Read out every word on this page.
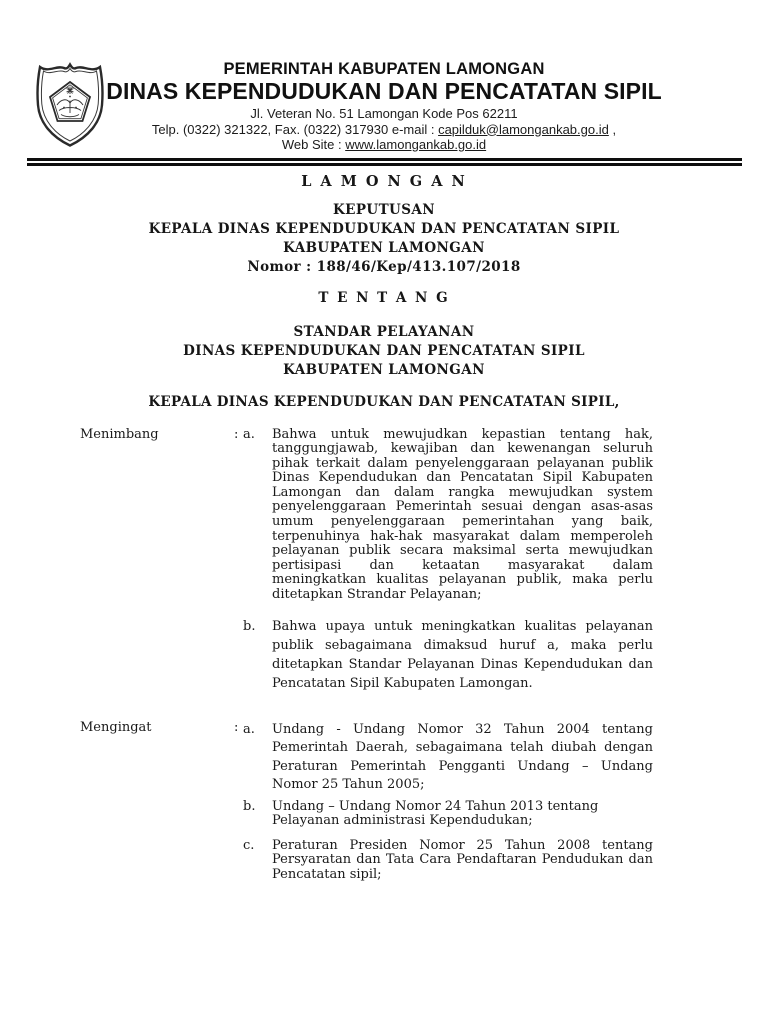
PEMERINTAH KABUPATEN LAMONGAN
DINAS KEPENDUDUKAN DAN PENCATATAN SIPIL
Jl. Veteran No. 51 Lamongan Kode Pos 62211
Telp. (0322) 321322, Fax. (0322) 317930 e-mail : capilduk@lamongankab.go.id ,
Web Site : www.lamongankab.go.id
L A M O N G A N
KEPUTUSAN
KEPALA DINAS KEPENDUDUKAN DAN PENCATATAN SIPIL
KABUPATEN LAMONGAN
Nomor : 188/46/Kep/413.107/2018
T E N T A N G
STANDAR PELAYANAN
DINAS KEPENDUDUKAN DAN PENCATATAN SIPIL
KABUPATEN LAMONGAN
KEPALA DINAS KEPENDUDUKAN DAN PENCATATAN SIPIL,
Menimbang	: a.	Bahwa untuk mewujudkan kepastian tentang hak, tanggungjawab, kewajiban dan kewenangan seluruh pihak terkait dalam penyelenggaraan pelayanan publik Dinas Kependudukan dan Pencatatan Sipil Kabupaten Lamongan dan dalam rangka mewujudkan system penyelenggaraan Pemerintah sesuai dengan asas-asas umum penyelenggaraan pemerintahan yang baik, terpenuhinya hak-hak masyarakat dalam memperoleh pelayanan publik secara maksimal serta mewujudkan pertisipasi dan ketaatan masyarakat dalam meningkatkan kualitas pelayanan publik, maka perlu ditetapkan Strandar Pelayanan;

b.	Bahwa upaya untuk meningkatkan kualitas pelayanan publik sebagaimana dimaksud huruf a, maka perlu ditetapkan Standar Pelayanan Dinas Kependudukan dan Pencatatan Sipil Kabupaten Lamongan.

Mengingat	: a.	Undang - Undang Nomor 32 Tahun 2004 tentang Pemerintah Daerah, sebagaimana telah diubah dengan Peraturan Pemerintah Pengganti Undang – Undang Nomor 25 Tahun 2005;

b.	Undang – Undang Nomor 24 Tahun 2013 tentang Pelayanan administrasi Kependudukan;

c.	Peraturan Presiden Nomor 25 Tahun 2008 tentang Persyaratan dan Tata Cara Pendaftaran Pendudukan dan Pencatatan sipil;
